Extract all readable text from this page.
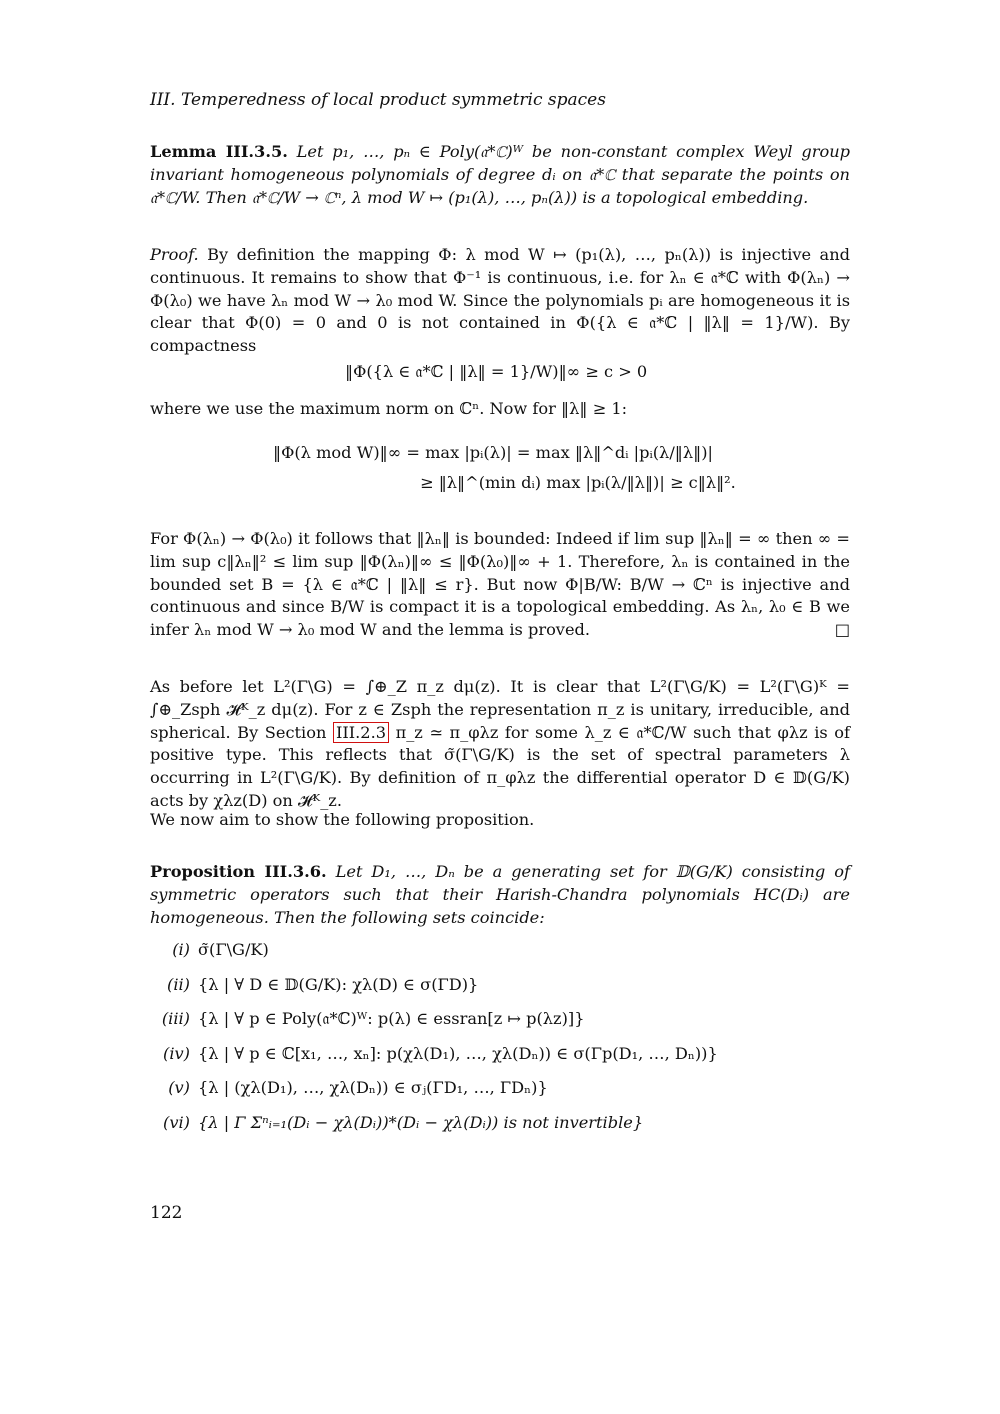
III. Temperedness of local product symmetric spaces
Lemma III.3.5. Let p₁, …, pₙ ∈ Poly(𝔞*ℂ)ᵂ be non-constant complex Weyl group invariant homogeneous polynomials of degree dᵢ on 𝔞*ℂ that separate the points on 𝔞*ℂ/W. Then 𝔞*ℂ/W → ℂⁿ, λ mod W ↦ (p₁(λ), …, pₙ(λ)) is a topological embedding.
Proof. By definition the mapping Φ: λ mod W ↦ (p₁(λ), …, pₙ(λ)) is injective and continuous. It remains to show that Φ⁻¹ is continuous, i.e. for λₙ ∈ 𝔞*ℂ with Φ(λₙ) → Φ(λ₀) we have λₙ mod W → λ₀ mod W. Since the polynomials pᵢ are homogeneous it is clear that Φ(0) = 0 and 0 is not contained in Φ({λ ∈ 𝔞*ℂ | ‖λ‖ = 1}/W). By compactness
‖Φ({λ ∈ 𝔞*ℂ | ‖λ‖ = 1}/W)‖∞ ≥ c > 0
where we use the maximum norm on ℂⁿ. Now for ‖λ‖ ≥ 1:
‖Φ(λ mod W)‖∞ = max |pᵢ(λ)| = max ‖λ‖^dᵢ |pᵢ(λ/‖λ‖)|
≥ ‖λ‖^(min dᵢ) max |pᵢ(λ/‖λ‖)| ≥ c‖λ‖².
For Φ(λₙ) → Φ(λ₀) it follows that ‖λₙ‖ is bounded: Indeed if lim sup ‖λₙ‖ = ∞ then ∞ = lim sup c‖λₙ‖² ≤ lim sup ‖Φ(λₙ)‖∞ ≤ ‖Φ(λ₀)‖∞ + 1. Therefore, λₙ is contained in the bounded set B = {λ ∈ 𝔞*ℂ | ‖λ‖ ≤ r}. But now Φ|B/W: B/W → ℂⁿ is injective and continuous and since B/W is compact it is a topological embedding. As λₙ, λ₀ ∈ B we infer λₙ mod W → λ₀ mod W and the lemma is proved.	□
As before let L²(Γ\G) = ∫⊕_Z π_z dμ(z). It is clear that L²(Γ\G/K) = L²(Γ\G)ᴷ = ∫⊕_Zsph 𝓗ᴷ_z dμ(z). For z ∈ Zsph the representation π_z is unitary, irreducible, and spherical. By Section III.2.3 π_z ≃ π_φλz for some λ_z ∈ 𝔞*ℂ/W such that φλz is of positive type. This reflects that σ̃(Γ\G/K) is the set of spectral parameters λ occurring in L²(Γ\G/K). By definition of π_φλz the differential operator D ∈ 𝔻(G/K) acts by χλz(D) on 𝓗ᴷ_z.
We now aim to show the following proposition.
Proposition III.3.6. Let D₁, …, Dₙ be a generating set for 𝔻(G/K) consisting of symmetric operators such that their Harish-Chandra polynomials HC(Dᵢ) are homogeneous. Then the following sets coincide:
(i) σ̃(Γ\G/K)
(ii) {λ | ∀ D ∈ 𝔻(G/K): χλ(D) ∈ σ(ΓD)}
(iii) {λ | ∀ p ∈ Poly(𝔞*ℂ)ᵂ: p(λ) ∈ essran[z ↦ p(λz)]}
(iv) {λ | ∀ p ∈ ℂ[x₁, …, xₙ]: p(χλ(D₁), …, χλ(Dₙ)) ∈ σ(Γp(D₁, …, Dₙ))}
(v) {λ | (χλ(D₁), …, χλ(Dₙ)) ∈ σⱼ(ΓD₁, …, ΓDₙ)}
(vi) {λ | Γ Σⁿᵢ₌₁(Dᵢ − χλ(Dᵢ))*(Dᵢ − χλ(Dᵢ)) is not invertible}
122
